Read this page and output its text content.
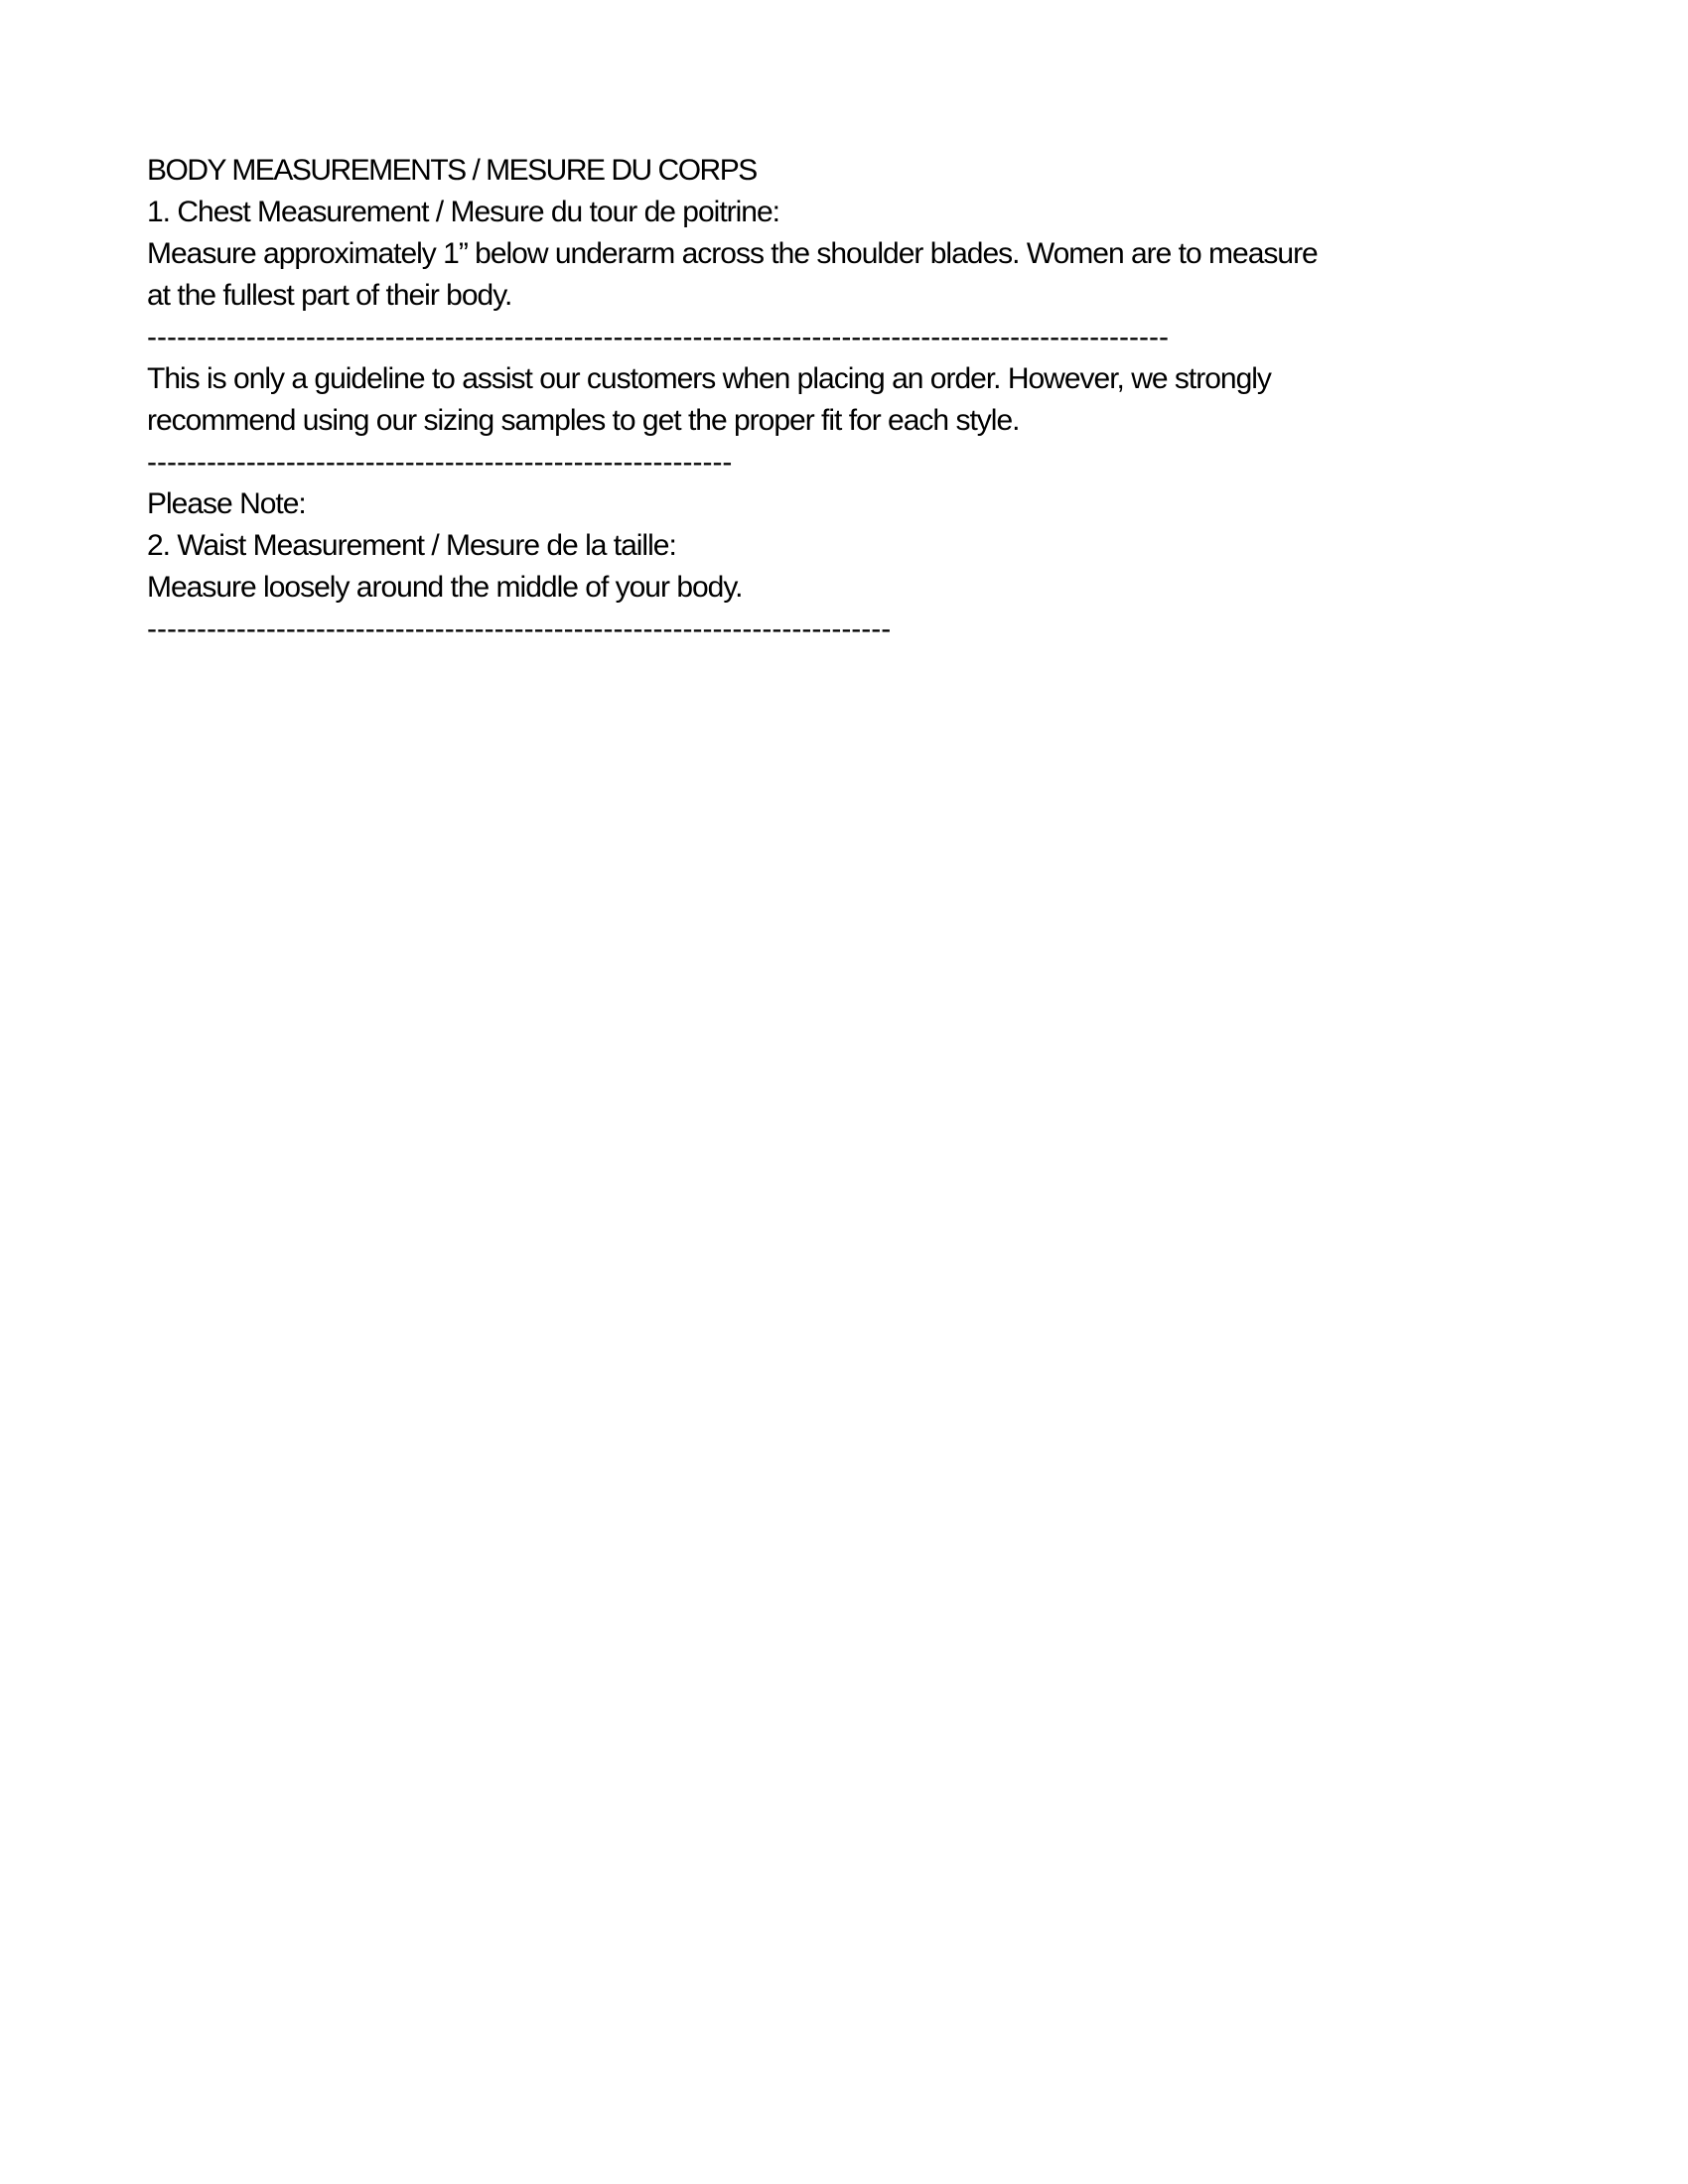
BODY MEASUREMENTS / MESURE DU CORPS
1. Chest Measurement / Mesure du tour de poitrine:
Measure approximately 1” below underarm across the shoulder blades. Women are to measure
at the fullest part of their body.
-------------------------------------------------------------------------------------------------------
This is only a guideline to assist our customers when placing an order. However, we strongly
recommend using our sizing samples to get the proper fit for each style.
-----------------------------------------------------------
Please Note:
2. Waist Measurement / Mesure de la taille:
Measure loosely around the middle of your body.
---------------------------------------------------------------------------
